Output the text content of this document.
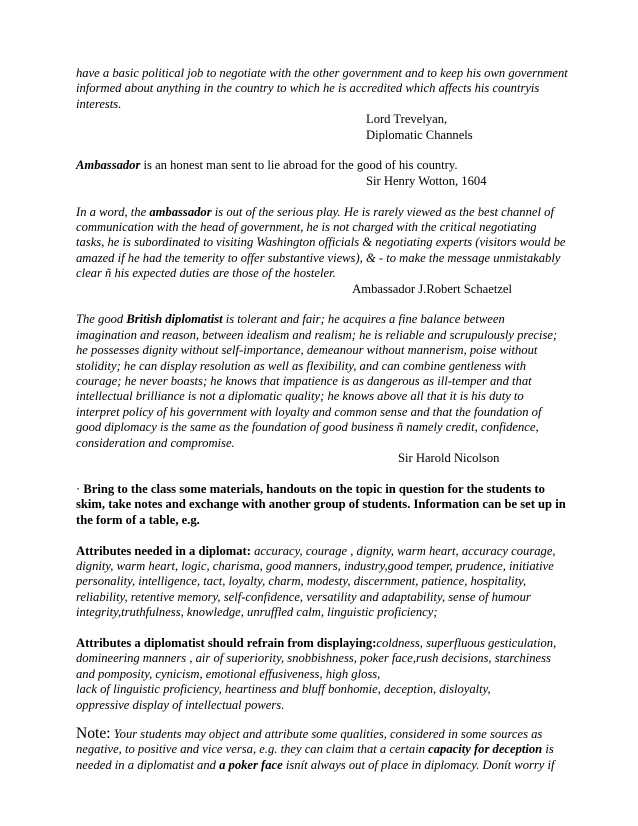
have a basic political job to negotiate with the other government and to keep his own government informed about anything in the country to which he is accredited which affects his countryis interests.

Lord Trevelyan,
Diplomatic Channels

Ambassador is an honest man sent to lie abroad for the good of his country.

Sir Henry Wotton, 1604

In a word, the ambassador is out of the serious play. He is rarely viewed as the best channel of communication with the head of government, he is not charged with the critical negotiating tasks, he is subordinated to visiting Washington officials & negotiating experts (visitors would be amazed if he had the temerity to offer substantive views), & - to make the message unmistakably clear ñ his expected duties are those of the hosteler.

Ambassador J.Robert Schaetzel

The good British diplomatist is tolerant and fair; he acquires a fine balance between imagination and reason, between idealism and realism; he is reliable and scrupulously precise; he possesses dignity without self-importance, demeanour without mannerism, poise without stolidity; he can display resolution as well as flexibility, and can combine gentleness with courage; he never boasts; he knows that impatience is as dangerous as ill-temper and that intellectual brilliance is not a diplomatic quality; he knows above all that it is his duty to interpret policy of his government with loyalty and common sense and that the foundation of good diplomacy is the same as the foundation of good business ñ namely credit, confidence, consideration and compromise.

Sir Harold Nicolson

· Bring to the class some materials, handouts on the topic in question for the students to skim, take notes and exchange with another group of students. Information can be set up in the form of a table, e.g.

Attributes needed in a diplomat: accuracy, courage , dignity, warm heart, accuracy courage, dignity, warm heart, logic, charisma, good manners, industry,good temper, prudence, initiative personality, intelligence, tact, loyalty, charm, modesty, discernment, patience, hospitality, reliability, retentive memory, self-confidence, versatility and adaptability, sense of humour integrity,truthfulness, knowledge, unruffled calm, linguistic proficiency;

Attributes a diplomatist should refrain from displaying:coldness, superfluous gesticulation, domineering manners , air of superiority, snobbishness, poker face,rush decisions, starchiness and pomposity, cynicism, emotional effusiveness, high gloss,

lack of linguistic proficiency, heartiness and bluff bonhomie, deception, disloyalty,

oppressive display of intellectual powers.

Note: Your students may object and attribute some qualities, considered in some sources as negative, to positive and vice versa, e.g. they can claim that a certain capacity for deception is needed in a diplomatist and a poker face isnít always out of place in diplomacy. Donít worry if
